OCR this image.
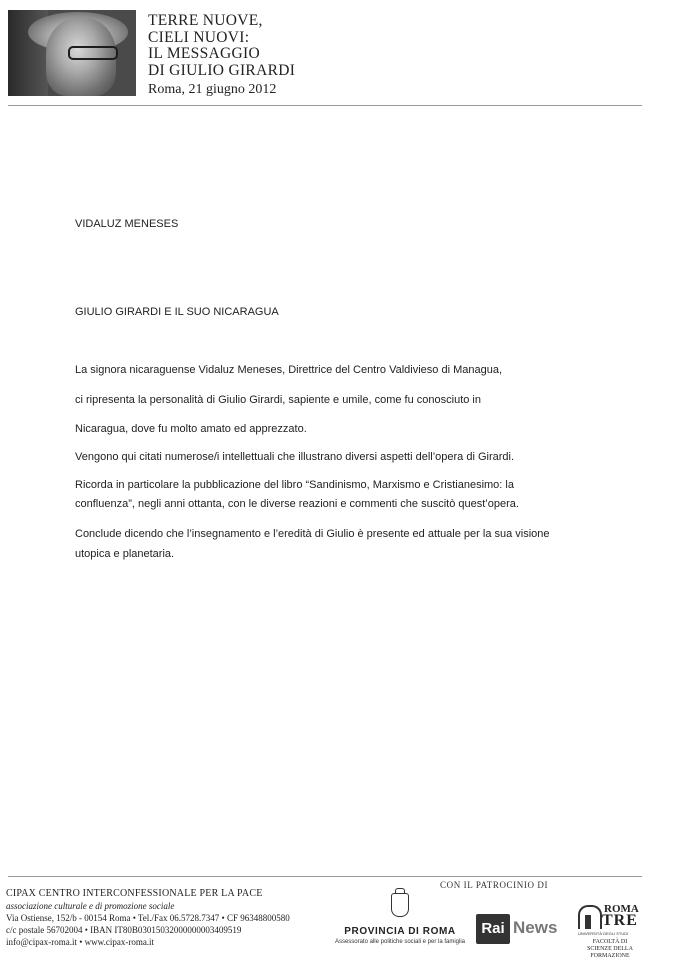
TERRE NUOVE,
CIELI NUOVI:
IL MESSAGGIO
DI GIULIO GIRARDI
Roma, 21 giugno 2012
VIDALUZ MENESES
GIULIO GIRARDI E IL SUO NICARAGUA
La signora nicaraguense Vidaluz Meneses, Direttrice del Centro Valdivieso di Managua,
ci ripresenta la personalità di Giulio Girardi, sapiente e umile, come fu conosciuto in
Nicaragua, dove fu molto amato ed apprezzato.
Vengono qui citati numerose/i intellettuali che illustrano diversi aspetti dell’opera di Girardi.
Ricorda in particolare la pubblicazione del libro “Sandinismo, Marxismo e Cristianesimo: la
confluenza”, negli anni ottanta, con le diverse reazioni e commenti che suscitò quest’opera.
Conclude dicendo che l’insegnamento e l’eredità di Giulio è presente ed attuale per la sua visione
utopica e planetaria.
CON IL PATROCINIO DI
CIPAX CENTRO INTERCONFESSIONALE PER LA PACE
associazione culturale e di promozione sociale
Via Ostiense, 152/b - 00154 Roma • Tel./Fax 06.5728.7347 • CF 96348800580
c/c postale 56702004 • IBAN IT80B03015032000000003409519
info@cipax-roma.it • www.cipax-roma.it
PROVINCIA DI ROMA
Assessorato alle politiche sociali e per la famiglia
Rai News
ROMA
TRE
UNIVERSITÀ DEGLI STUDI
FACOLTÀ DI SCIENZE DELLA FORMAZIONE
